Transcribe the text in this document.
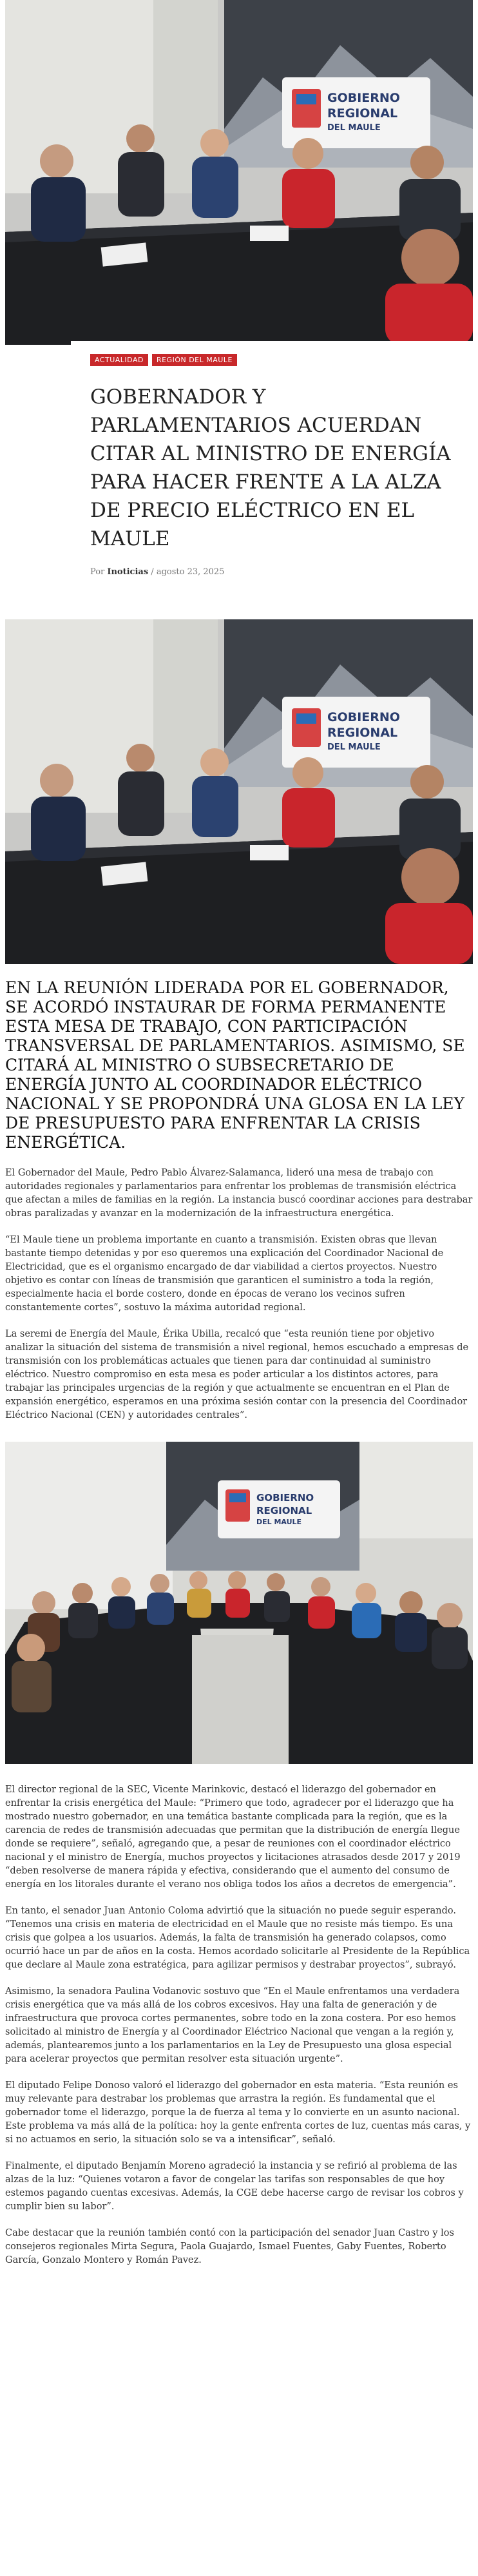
GOBIERNO
REGIONAL
DEL MAULE
ACTUALIDAD	REGIÓN DEL MAULE
GOBERNADOR Y PARLAMENTARIOS ACUERDAN CITAR AL MINISTRO DE ENERGÍA PARA HACER FRENTE A LA ALZA DE PRECIO ELÉCTRICO EN EL MAULE
Por Inoticias / agosto 23, 2025
GOBIERNO
REGIONAL
DEL MAULE
EN LA REUNIÓN LIDERADA POR EL GOBERNADOR, SE ACORDÓ INSTAURAR DE FORMA PERMANENTE ESTA MESA DE TRABAJO, CON PARTICIPACIÓN TRANSVERSAL DE PARLAMENTARIOS. ASIMISMO, SE CITARÁ AL MINISTRO O SUBSECRETARIO DE ENERGÍA JUNTO AL COORDINADOR ELÉCTRICO NACIONAL Y SE PROPONDRÁ UNA GLOSA EN LA LEY DE PRESUPUESTO PARA ENFRENTAR LA CRISIS ENERGÉTICA.

El Gobernador del Maule, Pedro Pablo Álvarez-Salamanca, lideró una mesa de trabajo con autoridades regionales y parlamentarios para enfrentar los problemas de transmisión eléctrica que afectan a miles de familias en la región. La instancia buscó coordinar acciones para destrabar obras paralizadas y avanzar en la modernización de la infraestructura energética.

“El Maule tiene un problema importante en cuanto a transmisión. Existen obras que llevan bastante tiempo detenidas y por eso queremos una explicación del Coordinador Nacional de Electricidad, que es el organismo encargado de dar viabilidad a ciertos proyectos. Nuestro objetivo es contar con líneas de transmisión que garanticen el suministro a toda la región, especialmente hacia el borde costero, donde en épocas de verano los vecinos sufren constantemente cortes”, sostuvo la máxima autoridad regional.

La seremi de Energía del Maule, Érika Ubilla, recalcó que “esta reunión tiene por objetivo analizar la situación del sistema de transmisión a nivel regional, hemos escuchado a empresas de transmisión con los problemáticas actuales que tienen para dar continuidad al suministro eléctrico. Nuestro compromiso en esta mesa es poder articular a los distintos actores, para trabajar las principales urgencias de la región y que actualmente se encuentran en el Plan de expansión energético, esperamos en una próxima sesión contar con la presencia del Coordinador Eléctrico Nacional (CEN) y autoridades centrales”.

GOBIERNO
REGIONAL
DEL MAULE

El director regional de la SEC, Vicente Marinkovic, destacó el liderazgo del gobernador en enfrentar la crisis energética del Maule: “Primero que todo, agradecer por el liderazgo que ha mostrado nuestro gobernador, en una temática bastante complicada para la región, que es la carencia de redes de transmisión adecuadas que permitan que la distribución de energía llegue donde se requiere”, señaló, agregando que, a pesar de reuniones con el coordinador eléctrico nacional y el ministro de Energía, muchos proyectos y licitaciones atrasados desde 2017 y 2019 “deben resolverse de manera rápida y efectiva, considerando que el aumento del consumo de energía en los litorales durante el verano nos obliga todos los años a decretos de emergencia”.

En tanto, el senador Juan Antonio Coloma advirtió que la situación no puede seguir esperando. “Tenemos una crisis en materia de electricidad en el Maule que no resiste más tiempo. Es una crisis que golpea a los usuarios. Además, la falta de transmisión ha generado colapsos, como ocurrió hace un par de años en la costa. Hemos acordado solicitarle al Presidente de la República que declare al Maule zona estratégica, para agilizar permisos y destrabar proyectos”, subrayó.

Asimismo, la senadora Paulina Vodanovic sostuvo que “En el Maule enfrentamos una verdadera crisis energética que va más allá de los cobros excesivos. Hay una falta de generación y de infraestructura que provoca cortes permanentes, sobre todo en la zona costera. Por eso hemos solicitado al ministro de Energía y al Coordinador Eléctrico Nacional que vengan a la región y, además, plantearemos junto a los parlamentarios en la Ley de Presupuesto una glosa especial para acelerar proyectos que permitan resolver esta situación urgente”.

El diputado Felipe Donoso valoró el liderazgo del gobernador en esta materia. “Esta reunión es muy relevante para destrabar los problemas que arrastra la región. Es fundamental que el gobernador tome el liderazgo, porque la de fuerza al tema y lo convierte en un asunto nacional. Este problema va más allá de la política: hoy la gente enfrenta cortes de luz, cuentas más caras, y si no actuamos en serio, la situación solo se va a intensificar”, señaló.

Finalmente, el diputado Benjamín Moreno agradeció la instancia y se refirió al problema de las alzas de la luz: “Quienes votaron a favor de congelar las tarifas son responsables de que hoy estemos pagando cuentas excesivas. Además, la CGE debe hacerse cargo de revisar los cobros y cumplir bien su labor”.

Cabe destacar que la reunión también contó con la participación del senador Juan Castro y los consejeros regionales Mirta Segura, Paola Guajardo, Ismael Fuentes, Gaby Fuentes, Roberto García, Gonzalo Montero y Román Pavez.
